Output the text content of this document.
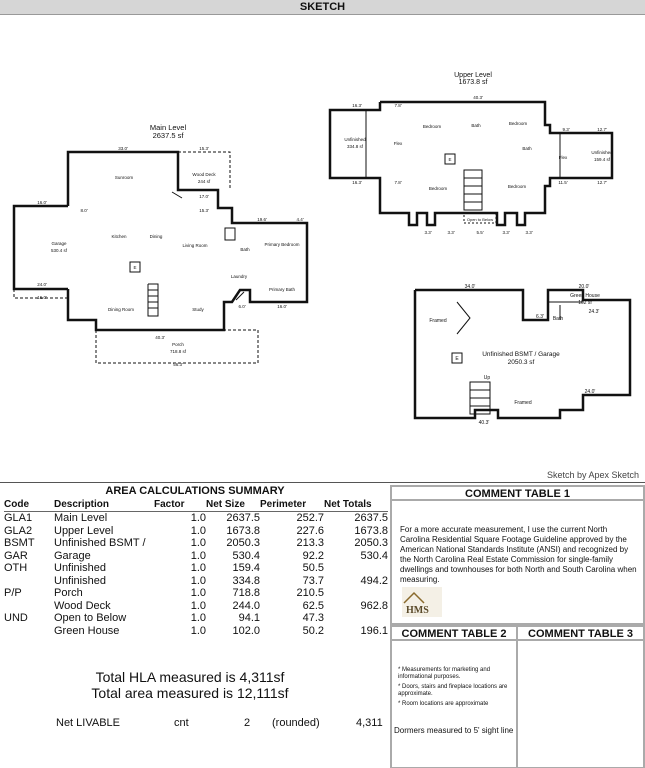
SKETCH
Main Level
2637.5 sf
Sunroom
Wood Deck
244 sf
Kitchen	Dining
Living Room
Bath
Primary Bedroom
Laundry
Primary Bath
Dining Room	Study
Porch
718.8 sf
Garage
530.4 sf
E
33.0'	15.3'
16.0'
8.0'
19.6'	4.4'
24.0'
16.0'
16.0'
40.3'
56.3'
6.0'
17.0'
15.3'
Upper Level
1673.8 sf
Unfinished
334.8 sf
Flex
Bedroom	Bath	Bedroom
Bath
Flex
Unfinished
159.4 sf
Bedroom	Bedroom
Open to Below
E
40.3'
16.3'	7.8'
16.3'	7.8'
9.3'	12.7'
11.5'	12.7'
3.3'	3.3'	5.5'	3.3'	3.3'
Unfinished BSMT / Garage
2050.3 sf
Framed
Green House
102 sf
Bath
Up
Framed
E
34.0'	20.0'
24.3'
6.3'
24.0'
40.3'
Sketch by Apex Sketch
AREA CALCULATIONS SUMMARY
Code	Description	Factor	Net Size	Perimeter	Net Totals
GLA1	Main Level	1.0	2637.5	252.7	2637.5
GLA2	Upper Level	1.0	1673.8	227.6	1673.8
BSMT	Unfinished BSMT /	1.0	2050.3	213.3	2050.3
GAR	Garage	1.0	530.4	92.2	530.4
OTH	Unfinished	1.0	159.4	50.5	
	Unfinished	1.0	334.8	73.7	494.2
P/P	Porch	1.0	718.8	210.5	
	Wood Deck	1.0	244.0	62.5	962.8
UND	Open to Below	1.0	94.1	47.3	
	Green House	1.0	102.0	50.2	196.1
Total HLA measured is 4,311sf
Total area measured is 12,111sf
Net LIVABLE	cnt	2 (rounded)	4,311
COMMENT TABLE 1

For a more accurate measurement, I use the current North Carolina Residential Square Footage Guideline approved by the American National Standards Institute (ANSI) and recognized by the North Carolina Real Estate Commission for single-family dwellings and townhouses for both North and South Carolina when measuring.

HMS
COMMENT TABLE 2
* Measurements for marketing and informational purposes.
* Doors, stairs and fireplace locations are approximate.
* Room locations are approximate
Dormers measured to 5' sight line
COMMENT TABLE 3
